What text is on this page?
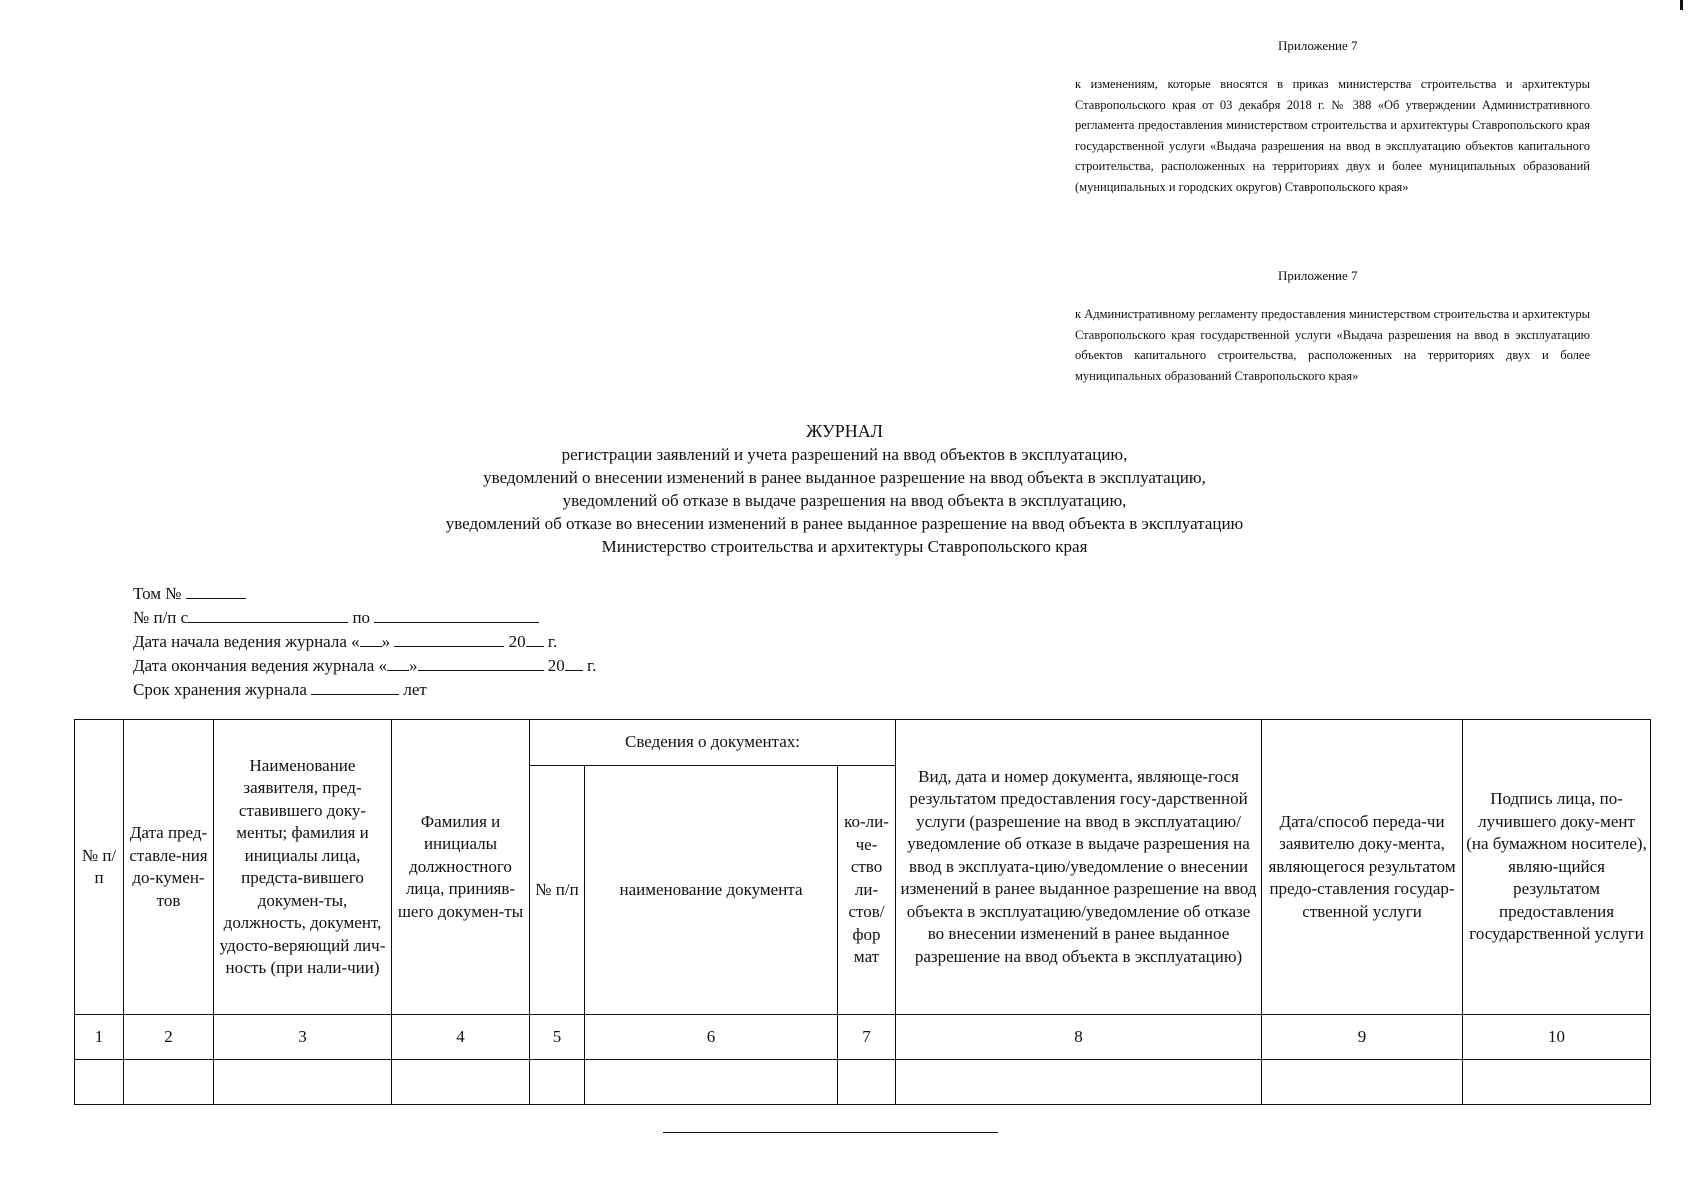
Приложение 7
к изменениям, которые вносятся в приказ министерства строительства и архитектуры Ставропольского края от 03 декабря 2018 г. № 388 «Об утверждении Административного регламента предоставления министерством строительства и архитектуры Ставропольского края государственной услуги «Выдача разрешения на ввод в эксплуатацию объектов капитального строительства, расположенных на территориях двух и более муниципальных образований (муниципальных и городских округов) Ставропольского края»
Приложение 7
к Административному регламенту предоставления министерством строительства и архитектуры Ставропольского края государственной услуги «Выдача разрешения на ввод в эксплуатацию объектов капитального строительства, расположенных на территориях двух и более муниципальных образований Ставропольского края»
ЖУРНАЛ
регистрации заявлений и учета разрешений на ввод объектов в эксплуатацию,
уведомлений о внесении изменений в ранее выданное разрешение на ввод объекта в эксплуатацию,
уведомлений об отказе в выдаче разрешения на ввод объекта в эксплуатацию,
уведомлений об отказе во внесении изменений в ранее выданное разрешение на ввод объекта в эксплуатацию
Министерство строительства и архитектуры Ставропольского края
Том №
№ п/п с	по
Дата начала ведения журнала « »	20 г.
Дата окончания ведения журнала « »	20 г.
Срок хранения журнала	лет
№ п/п	Дата пред-ставле-ния до-кумен-тов	Наименование заявителя, пред-ставившего доку-менты; фамилия и инициалы лица, предста-вившего докумен-ты, должность, документ, удосто-веряющий лич-ность (при нали-чии)	Фамилия и инициалы должностного лица, принияв-шего докумен-ты	Сведения о документах:			Вид, дата и номер документа, являюще-гося результатом предоставления госу-дарственной услуги (разрешение на ввод в эксплуатацию/ уведомление об отказе в выдаче разрешения на ввод в эксплуата-цию/уведомление о внесении изменений в ранее выданное разрешение на ввод объекта в эксплуатацию/уведомление об отказе во внесении изменений в ранее выданное разрешение на ввод объекта в эксплуатацию)	Дата/способ переда-чи заявителю доку-мента, являющегося результатом предо-ставления государ-ственной услуги	Подпись лица, по-лучившего доку-мент (на бумажном носителе), являю-щийся результатом предоставления государственной услуги
				№ п/п	наименование документа	ко-ли-че-ство ли-стов/фор мат			
1	2	3	4	5	6	7	8	9	10
